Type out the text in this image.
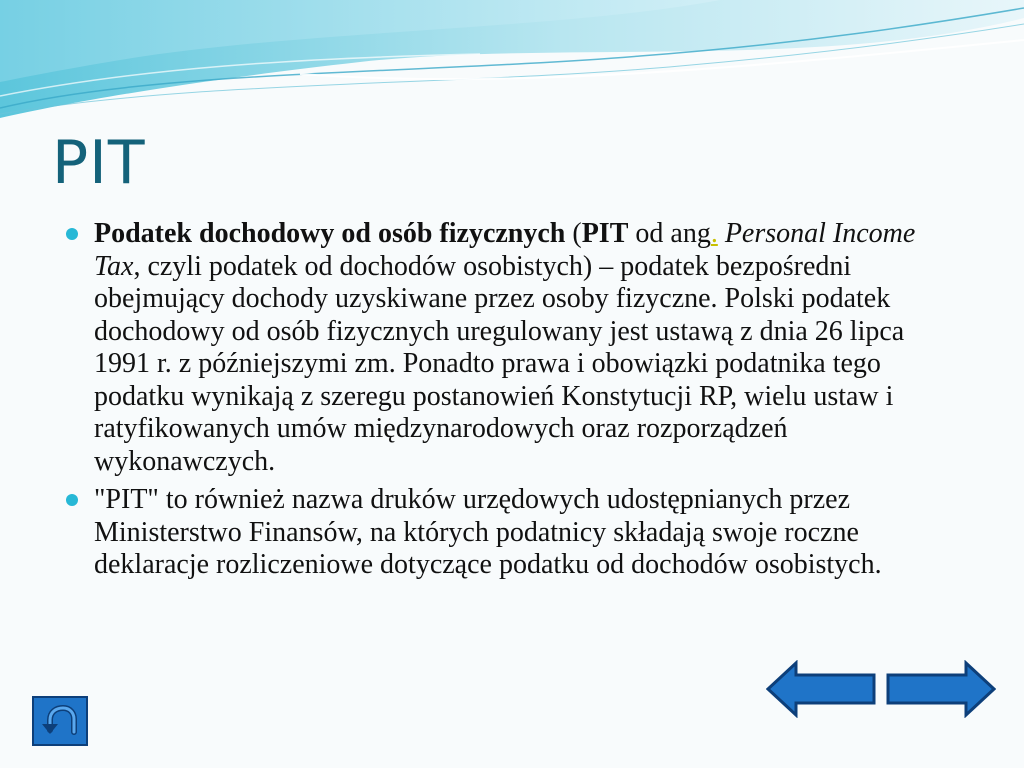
PIT
Podatek dochodowy od osób fizycznych (PIT od ang. Personal Income Tax, czyli podatek od dochodów osobistych) – podatek bezpośredni obejmujący dochody uzyskiwane przez osoby fizyczne. Polski podatek dochodowy od osób fizycznych uregulowany jest ustawą z dnia 26 lipca 1991 r. z późniejszymi zm. Ponadto prawa i obowiązki podatnika tego podatku wynikają z szeregu postanowień Konstytucji RP, wielu ustaw i ratyfikowanych umów międzynarodowych oraz rozporządzeń wykonawczych.
"PIT" to również nazwa druków urzędowych udostępnianych przez Ministerstwo Finansów, na których podatnicy składają swoje roczne deklaracje rozliczeniowe dotyczące podatku od dochodów osobistych.
